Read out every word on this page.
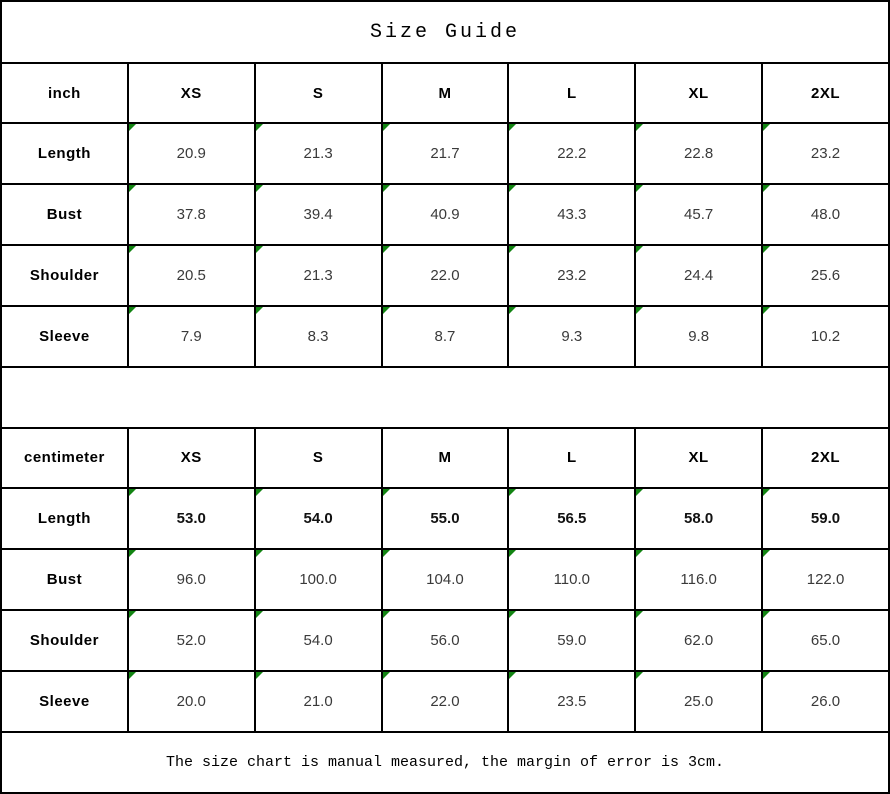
Size Guide						
inch	XS	S	M	L	XL	2XL
Length	20.9	21.3	21.7	22.2	22.8	23.2
Bust	37.8	39.4	40.9	43.3	45.7	48.0
Shoulder	20.5	21.3	22.0	23.2	24.4	25.6
Sleeve	7.9	8.3	8.7	9.3	9.8	10.2

centimeter	XS	S	M	L	XL	2XL
Length	53.0	54.0	55.0	56.5	58.0	59.0
Bust	96.0	100.0	104.0	110.0	116.0	122.0
Shoulder	52.0	54.0	56.0	59.0	62.0	65.0
Sleeve	20.0	21.0	22.0	23.5	25.0	26.0
The size chart is manual measured, the margin of error is 3cm.						
